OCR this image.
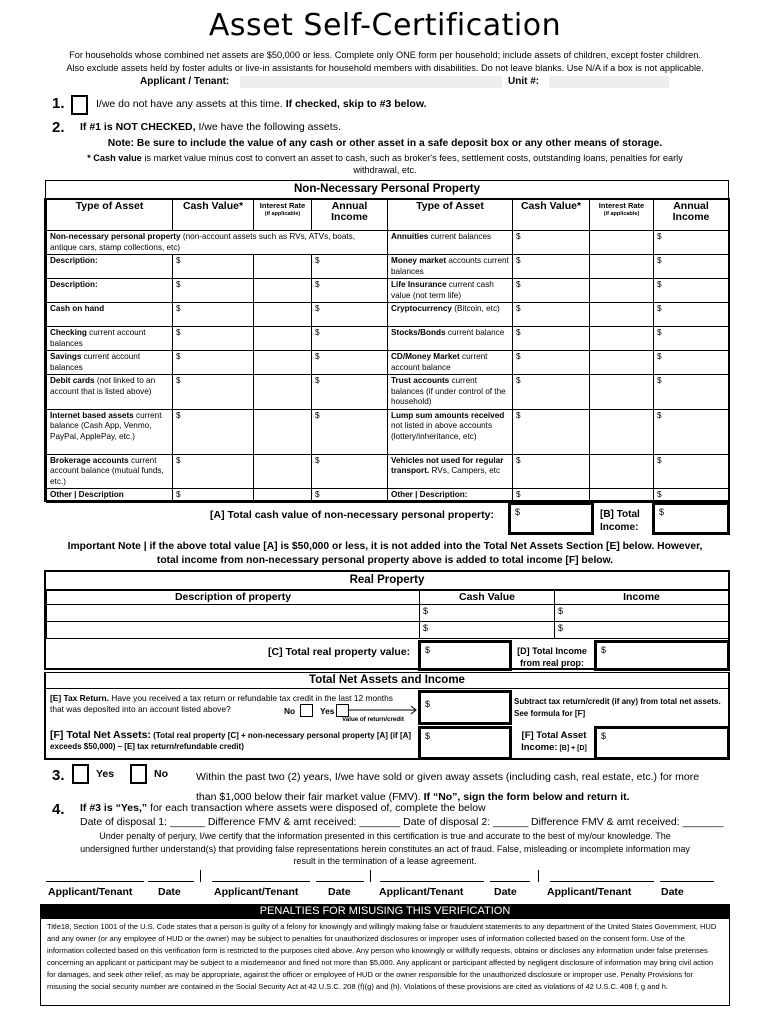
Asset Self-Certification
For households whose combined net assets are $50,000 or less. Complete only ONE form per household; include assets of children, except foster children.
Also exclude assets held by foster adults or live-in assistants for household members with disabilities. Do not leave blanks. Use N/A if a box is not applicable.
Applicant / Tenant:	Unit #:
1.	I/we do not have any assets at this time. If checked, skip to #3 below.
2. If #1 is NOT CHECKED, I/we have the following assets.
Note: Be sure to include the value of any cash or other asset in a safe deposit box or any other means of storage.
* Cash value is market value minus cost to convert an asset to cash, such as broker's fees, settlement costs, outstanding loans, penalties for early
withdrawal, etc.
Non-Necessary Personal Property
Type of Asset	Cash Value*	Interest Rate
(if applicable)	Annual Income	Type of Asset	Cash Value*	Interest Rate
(if applicable)	Annual Income
Non-necessary personal property (non-account assets such as RVs, ATVs, boats, antique cars, stamp collections, etc)				Annuities current balances	$		$
Description:	$		$	Money market accounts current balances	$		$
Description:	$		$	Life Insurance current cash value (not term life)	$		$
Cash on hand	$		$	Cryptocurrency (Bitcoin, etc)	$		$
Checking current account balances	$		$	Stocks/Bonds current balance	$		$
Savings current account balances	$		$	CD/Money Market current account balance	$		$
Debit cards (not linked to an account that is listed above)	$		$	Trust accounts current balances (if under control of the household)	$		$
Internet based assets current balance (Cash App, Venmo, PayPal, ApplePay, etc.)	$		$	Lump sum amounts received not listed in above accounts (lottery/inheritance, etc)	$		$
Brokerage accounts current account balance (mutual funds, etc.)	$		$	Vehicles not used for regular transport. RVs, Campers, etc	$		$
Other | Description	$		$	Other | Description:	$		$
[A] Total cash value of non-necessary personal property:	$	[B] Total Income:
$
Important Note | if the above total value [A] is $50,000 or less, it is not added into the Total Net Assets Section [E] below. However,
total income from non-necessary personal property above is added to total income [F] below.
Real Property
Description of property	Cash Value	Income
	$	$
	$	$
[C] Total real property value:	$	[D] Total Income from real prop:
$
Total Net Assets and Income
[E] Tax Return. Have you received a tax return or refundable tax credit in the last 12 months that was deposited into an account listed above?	No	Yes
Value of return/credit
$	Subtract tax return/credit (if any) from total net assets. See formula for [F]
[F] Total Net Assets: (Total real property [C] + non-necessary personal property [A] (if [A] exceeds $50,000) – [E] tax return/refundable credit)
$	[F] Total Asset Income: [B] + [D]
$
3.	Yes	No	Within the past two (2) years, I/we have sold or given away assets (including cash, real estate, etc.) for more
than $1,000 below their fair market value (FMV). If “No”, sign the form below and return it.
4. If #3 is “Yes,” for each transaction where assets were disposed of, complete the below
Date of disposal 1: ______ Difference FMV & amt received: _______ Date of disposal 2: ______ Difference FMV & amt received: _______
Under penalty of perjury, I/we certify that the information presented in this certification is true and accurate to the best of my/our knowledge. The
undersigned further understand(s) that providing false representations herein constitutes an act of fraud. False, misleading or incomplete information may
result in the termination of a lease agreement.
Applicant/Tenant Date	Applicant/Tenant	Date	Applicant/Tenant	Date	Applicant/Tenant	Date
PENALTIES FOR MISUSING THIS VERIFICATION
Title18, Section 1001 of the U.S. Code states that a person is guilty of a felony for knowingly and willingly making false or fraudulent statements to any department of the United States Government, HUD and any owner (or any employee of HUD or the owner) may be subject to penalties for unauthorized disclosures or improper uses of information collected based on the consent form. Use of the information collected based on this verification form is restricted to the purposes cited above. Any person who knowingly or willfully requests, obtains or discloses any information under false pretenses concerning an applicant or participant may be subject to a misdemeanor and fined not more than $5,000. Any applicant or participant affected by negligent disclosure of information may bring civil action for damages, and seek other relief, as may be appropriate, against the officer or employee of HUD or the owner responsible for the unauthorized disclosure or improper use. Penalty Provisions for misusing the social security number are contained in the Social Security Act at 42 U.S.C. 208 (f)(g) and (h). Violations of these provisions are cited as violations of 42 U.S.C. 408 f, g and h.
